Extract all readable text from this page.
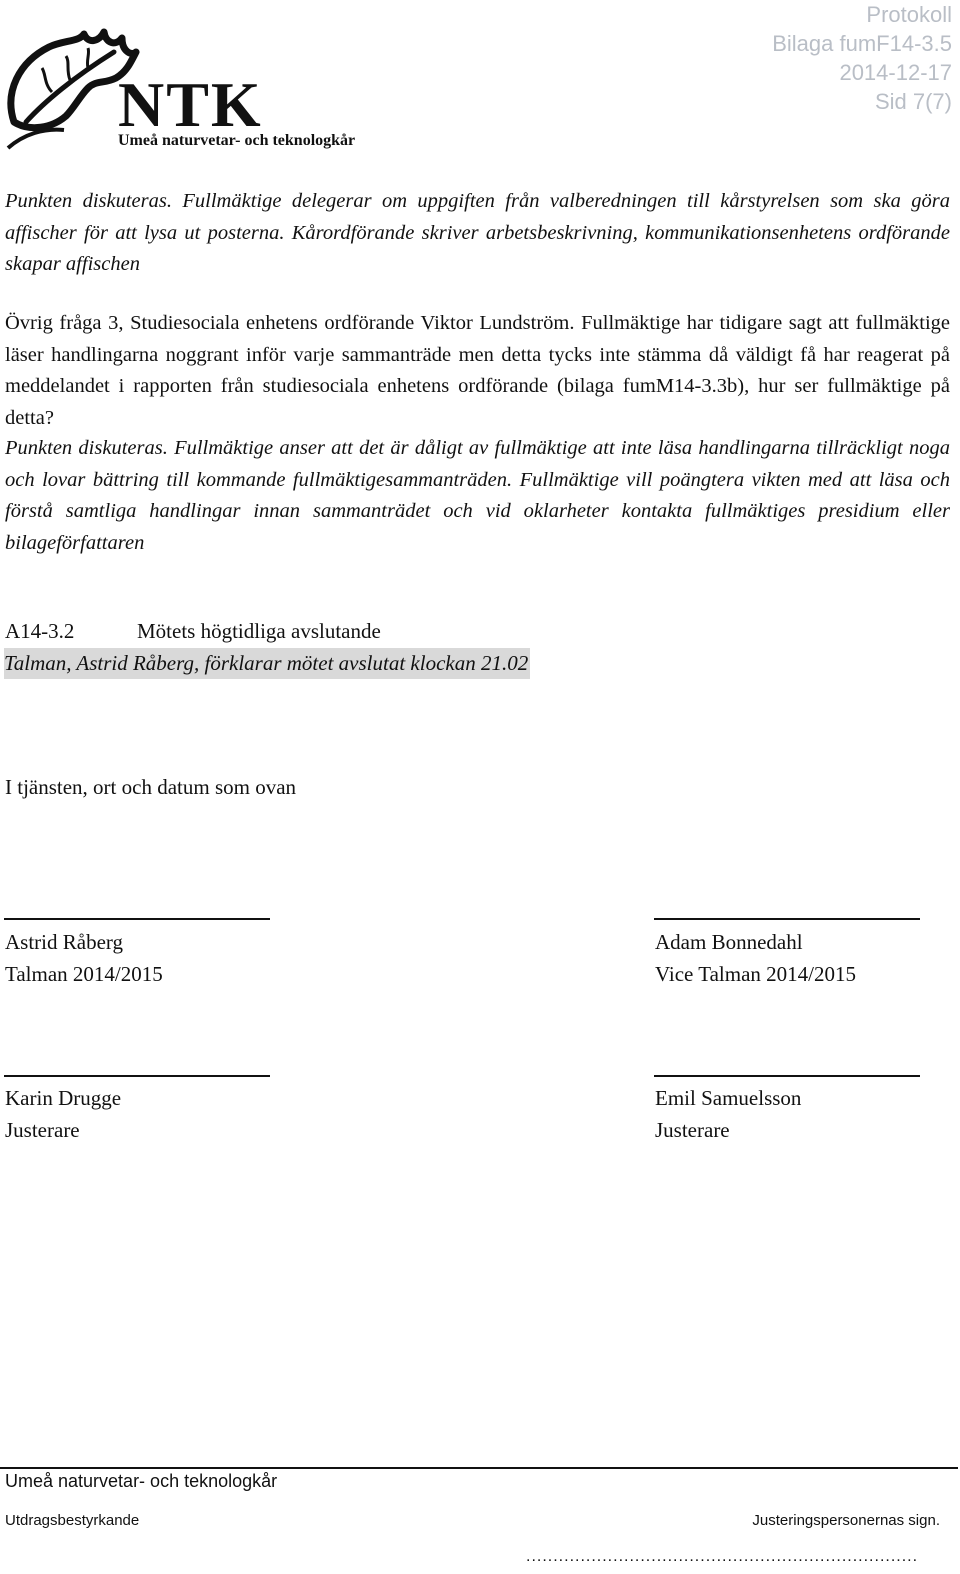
Protokoll
Bilaga fumF14-3.5
2014-12-17
Sid 7(7)
NTK
Umeå naturvetar- och teknologkår
Punkten diskuteras. Fullmäktige delegerar om uppgiften från valberedningen till kårstyrelsen som ska göra affischer för att lysa ut posterna. Kårordförande skriver arbetsbeskrivning, kommunikationsenhetens ordförande skapar affischen
Övrig fråga 3, Studiesociala enhetens ordförande Viktor Lundström. Fullmäktige har tidigare sagt att fullmäktige läser handlingarna noggrant inför varje sammanträde men detta tycks inte stämma då väldigt få har reagerat på meddelandet i rapporten från studiesociala enhetens ordförande (bilaga fumM14-3.3b), hur ser fullmäktige på detta?
Punkten diskuteras. Fullmäktige anser att det är dåligt av fullmäktige att inte läsa handlingarna tillräckligt noga och lovar bättring till kommande fullmäktigesammanträden. Fullmäktige vill poängtera vikten med att läsa och förstå samtliga handlingar innan sammanträdet och vid oklarheter kontakta fullmäktiges presidium eller bilageförfattaren
A14-3.2	Mötets högtidliga avslutande
Talman, Astrid Råberg, förklarar mötet avslutat klockan 21.02
I tjänsten, ort och datum som ovan
Astrid Råberg
Talman 2014/2015
Adam Bonnedahl
Vice Talman 2014/2015
Karin Drugge
Justerare
Emil Samuelsson
Justerare
Umeå naturvetar- och teknologkår
Utdragsbestyrkande	Justeringspersonernas sign.
........................................................................
